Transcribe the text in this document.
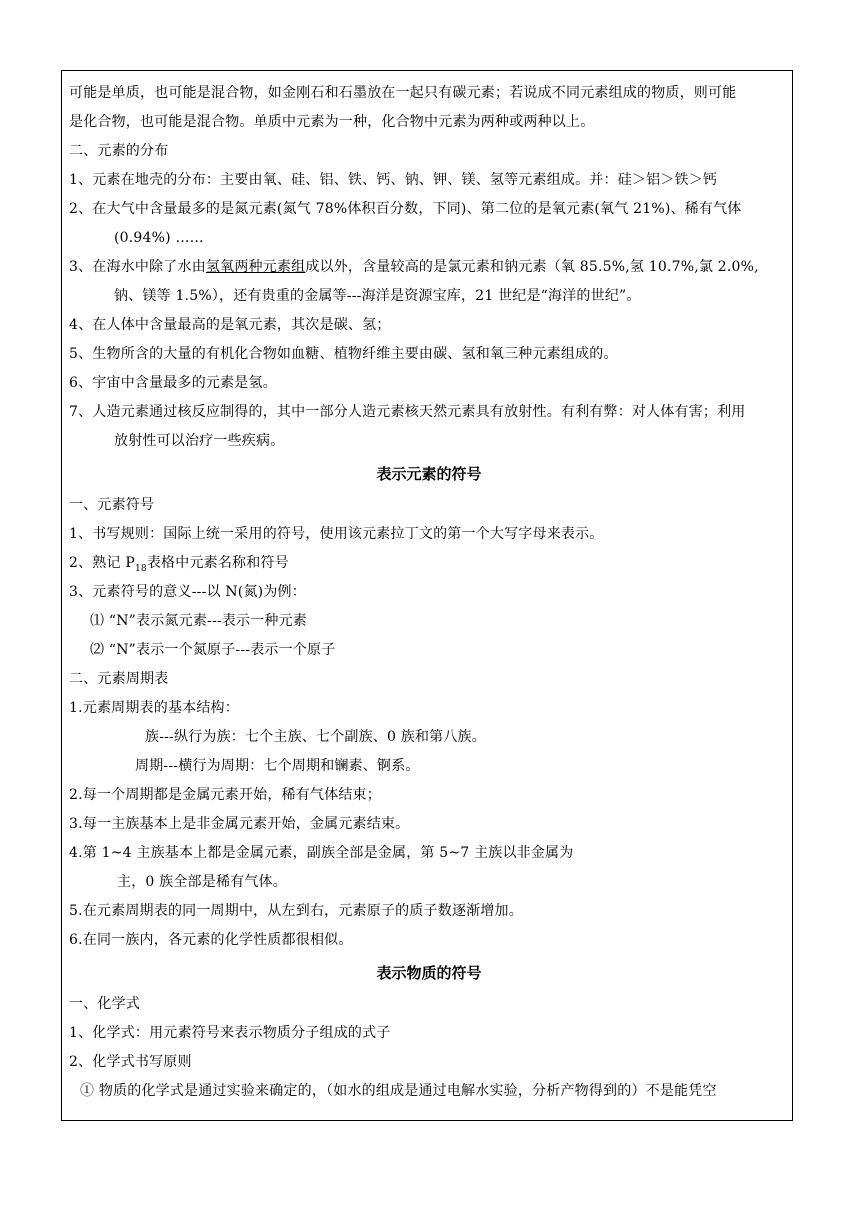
可能是单质，也可能是混合物，如金刚石和石墨放在一起只有碳元素；若说成不同元素组成的物质，则可能
是化合物，也可能是混合物。单质中元素为一种，化合物中元素为两种或两种以上。
二、元素的分布
1、元素在地壳的分布：主要由氧、硅、铝、铁、钙、钠、钾、镁、氢等元素组成。并：硅＞铝＞铁＞钙
2、在大气中含量最多的是氮元素(氮气 78%体积百分数，下同)、第二位的是氧元素(氧气 21%)、稀有气体
(0.94%) ……
3、在海水中除了水由氢氧两种元素组成以外，含量较高的是氯元素和钠元素（氧 85.5%,氢 10.7%,氯 2.0%,
钠、镁等 1.5%），还有贵重的金属等---海洋是资源宝库，21 世纪是“海洋的世纪”。
4、在人体中含量最高的是氧元素，其次是碳、氢；
5、生物所含的大量的有机化合物如血糖、植物纤维主要由碳、氢和氧三种元素组成的。
6、宇宙中含量最多的元素是氢。
7、人造元素通过核反应制得的，其中一部分人造元素核天然元素具有放射性。有利有弊：对人体有害；利用
放射性可以治疗一些疾病。
表示元素的符号
一、元素符号
1、书写规则：国际上统一采用的符号，使用该元素拉丁文的第一个大写字母来表示。
2、熟记 $P_{18}$表格中元素名称和符号
3、元素符号的意义---以 N(氮)为例：
⑴ “N”表示氮元素---表示一种元素
⑵ “N”表示一个氮原子---表示一个原子
二、元素周期表
1.元素周期表的基本结构：
族---纵行为族：七个主族、七个副族、0 族和第八族。
周期---横行为周期：七个周期和镧素、锕系。
2.每一个周期都是金属元素开始，稀有气体结束；
3.每一主族基本上是非金属元素开始，金属元素结束。
4.第 1~4 主族基本上都是金属元素，副族全部是金属，第 5~7 主族以非金属为
主，0 族全部是稀有气体。
5.在元素周期表的同一周期中，从左到右，元素原子的质子数逐渐增加。
6.在同一族内，各元素的化学性质都很相似。
表示物质的符号
一、化学式
1、化学式：用元素符号来表示物质分子组成的式子
2、化学式书写原则
① 物质的化学式是通过实验来确定的，（如水的组成是通过电解水实验，分析产物得到的）不是能凭空
